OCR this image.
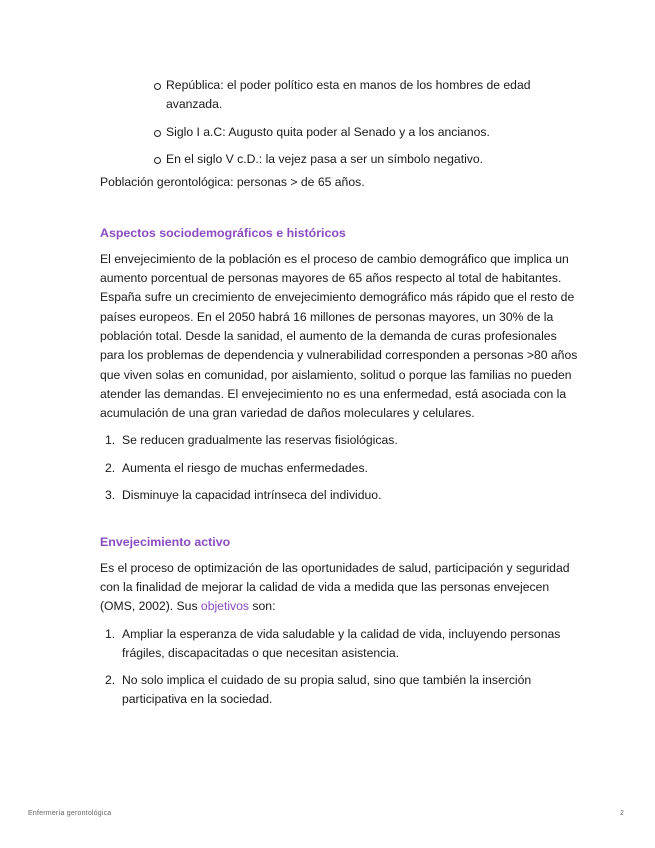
República: el poder político esta en manos de los hombres de edad avanzada.
Siglo I a.C: Augusto quita poder al Senado y a los ancianos.
En el siglo V c.D.: la vejez pasa a ser un símbolo negativo.

Población gerontológica: personas > de 65 años.

Aspectos sociodemográficos e históricos

El envejecimiento de la población es el proceso de cambio demográfico que implica un aumento porcentual de personas mayores de 65 años respecto al total de habitantes. España sufre un crecimiento de envejecimiento demográfico más rápido que el resto de países europeos. En el 2050 habrá 16 millones de personas mayores, un 30% de la población total. Desde la sanidad, el aumento de la demanda de curas profesionales para los problemas de dependencia y vulnerabilidad corresponden a personas >80 años que viven solas en comunidad, por aislamiento, solitud o porque las familias no pueden atender las demandas. El envejecimiento no es una enfermedad, está asociada con la acumulación de una gran variedad de daños moleculares y celulares.

1. Se reducen gradualmente las reservas fisiológicas.
2. Aumenta el riesgo de muchas enfermedades.
3. Disminuye la capacidad intrínseca del individuo.
Envejecimiento activo

Es el proceso de optimización de las oportunidades de salud, participación y seguridad con la finalidad de mejorar la calidad de vida a medida que las personas envejecen (OMS, 2002). Sus objetivos son:

1. Ampliar la esperanza de vida saludable y la calidad de vida, incluyendo personas frágiles, discapacitadas o que necesitan asistencia.
2. No solo implica el cuidado de su propia salud, sino que también la inserción participativa en la sociedad.
Enfermería gerontológica	2
